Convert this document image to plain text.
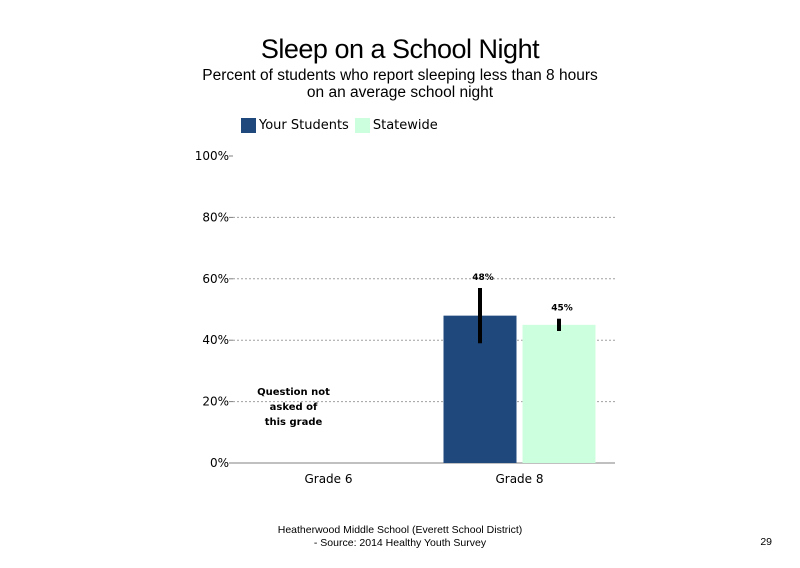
Sleep on a School Night
Percent of students who report sleeping less than 8 hours on an average school night
Your Students Statewide
0%
20%
40%
60%
80%
100%
Grade 6	Grade 8
48%
45%
Question not
asked of
this grade
Heatherwood Middle School (Everett School District)
- Source: 2014 Healthy Youth Survey	29
